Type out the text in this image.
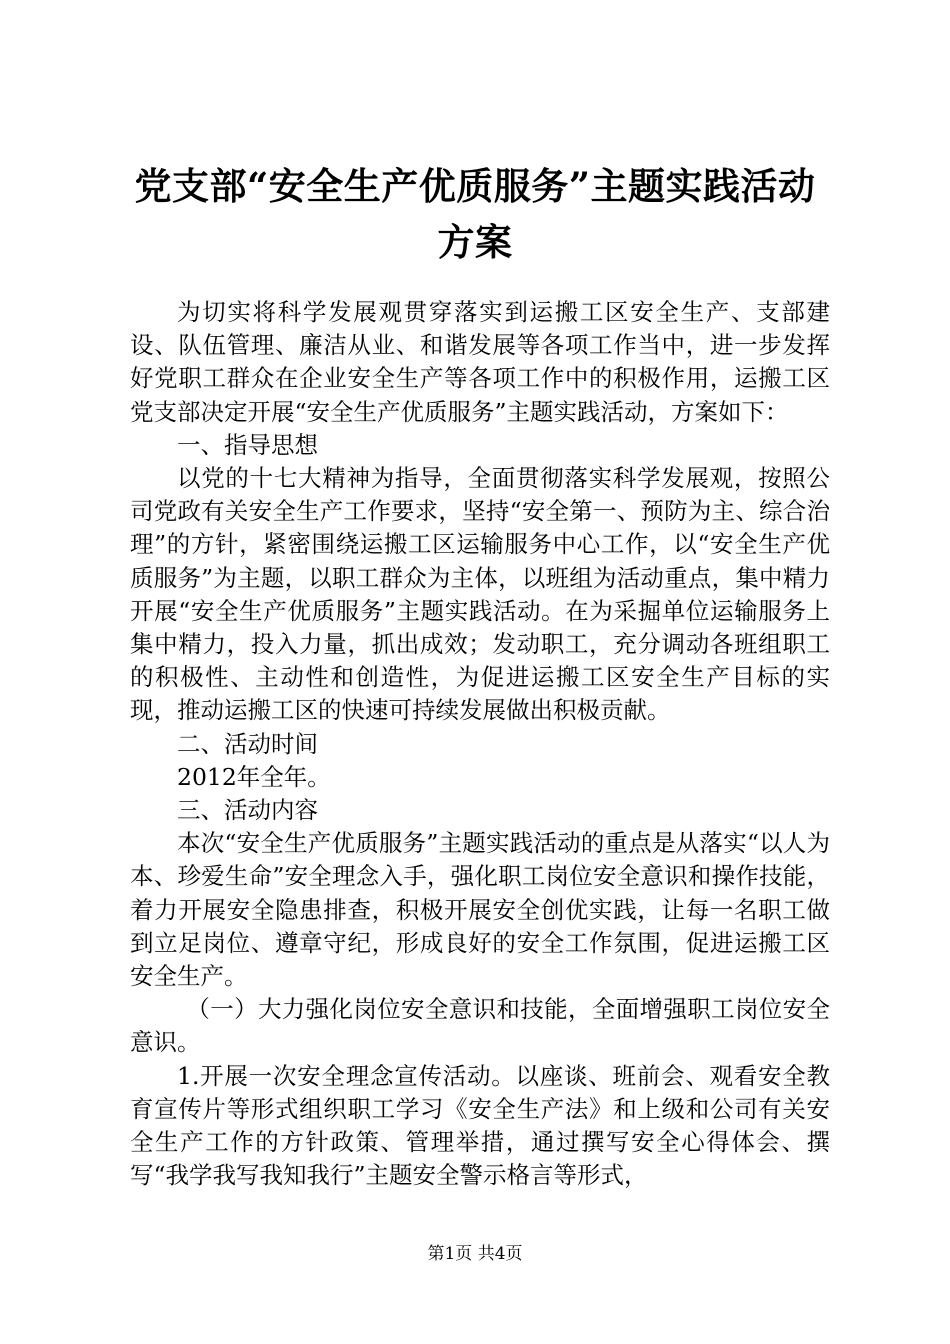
党支部“安全生产优质服务”主题实践活动方案

为切实将科学发展观贯穿落实到运搬工区安全生产、支部建设、队伍管理、廉洁从业、和谐发展等各项工作当中，进一步发挥好党职工群众在企业安全生产等各项工作中的积极作用，运搬工区党支部决定开展“安全生产优质服务”主题实践活动，方案如下：

一、指导思想

以党的十七大精神为指导，全面贯彻落实科学发展观，按照公司党政有关安全生产工作要求，坚持“安全第一、预防为主、综合治理”的方针，紧密围绕运搬工区运输服务中心工作，以“安全生产优质服务”为主题，以职工群众为主体，以班组为活动重点，集中精力开展“安全生产优质服务”主题实践活动。在为采掘单位运输服务上集中精力，投入力量，抓出成效；发动职工，充分调动各班组职工的积极性、主动性和创造性，为促进运搬工区安全生产目标的实现，推动运搬工区的快速可持续发展做出积极贡献。

二、活动时间

2012年全年。

三、活动内容

本次“安全生产优质服务”主题实践活动的重点是从落实“以人为本、珍爱生命”安全理念入手，强化职工岗位安全意识和操作技能，着力开展安全隐患排查，积极开展安全创优实践，让每一名职工做到立足岗位、遵章守纪，形成良好的安全工作氛围，促进运搬工区安全生产。

（一）大力强化岗位安全意识和技能，全面增强职工岗位安全意识。

1.开展一次安全理念宣传活动。以座谈、班前会、观看安全教育宣传片等形式组织职工学习《安全生产法》和上级和公司有关安全生产工作的方针政策、管理举措，通过撰写安全心得体会、撰写“我学我写我知我行”主题安全警示格言等形式，

第1页 共4页
